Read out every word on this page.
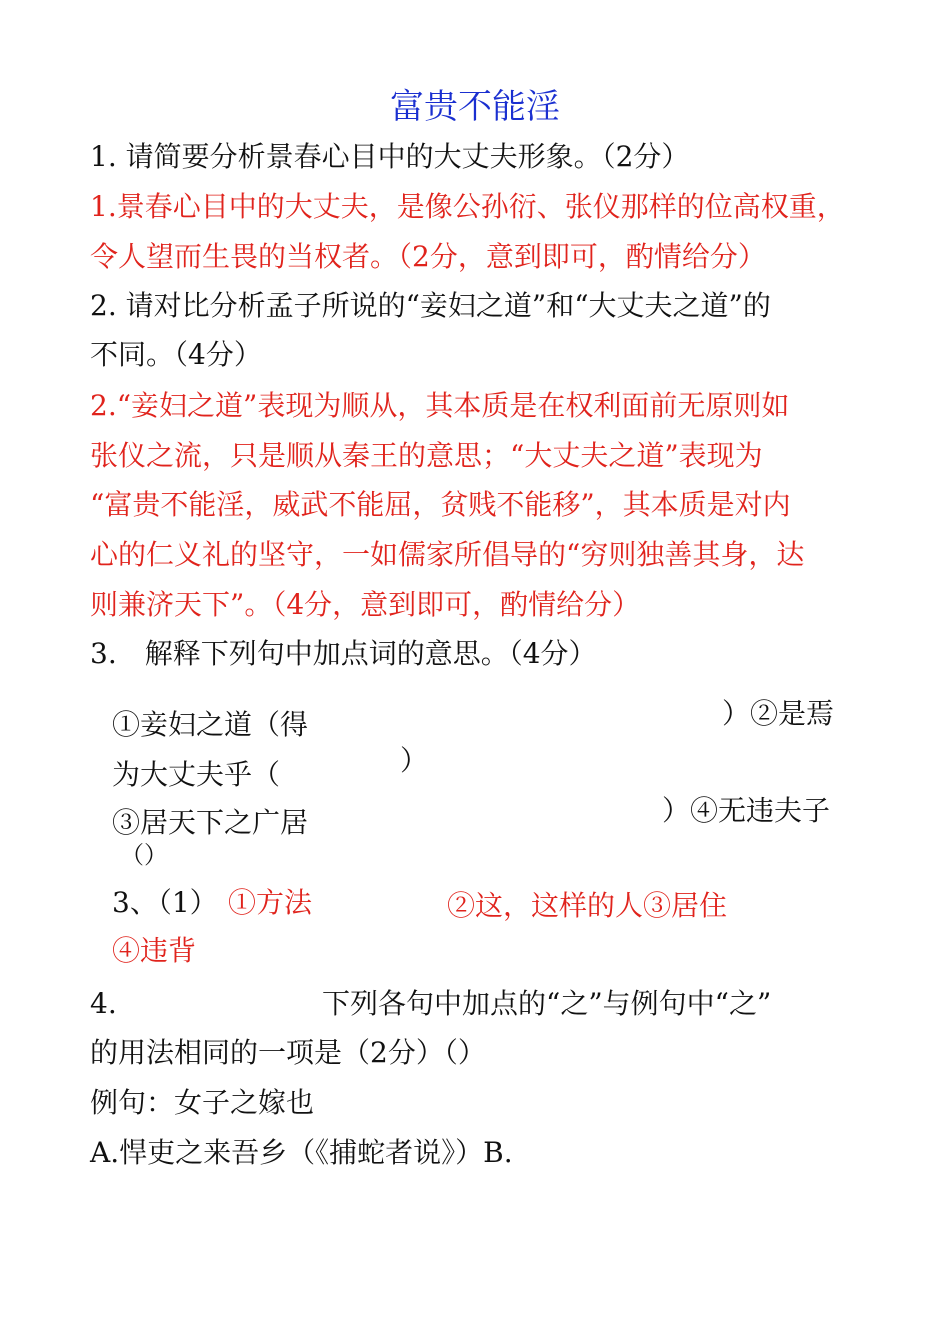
富贵不能淫
1. 请简要分析景春心目中的大丈夫形象。（2分）
1.景春心目中的大丈夫，是像公孙衍、张仪那样的位高权重，
令人望而生畏的当权者。（2分，意到即可，酌情给分）
2. 请对比分析孟子所说的“妾妇之道”和“大丈夫之道”的
不同。（4分）
2.“妾妇之道”表现为顺从，其本质是在权利面前无原则如
张仪之流，只是顺从秦王的意思；“大丈夫之道”表现为
“富贵不能淫，威武不能屈，贫贱不能移”，其本质是对内
心的仁义礼的坚守，一如儒家所倡导的“穷则独善其身，达
则兼济天下”。（4分，意到即可，酌情给分）
3.　解释下列句中加点词的意思。（4分）
①妾妇之道（得	）②是焉
为大丈夫乎（	）
③居天下之广居	）④无违夫子
（）
3、（1） ①方法	②这，这样的人③居住
④违背
4.	下列各句中加点的“之”与例句中“之”
的用法相同的一项是（2分）（）
例句：女子之嫁也
A.悍吏之来吾乡（《捕蛇者说》）B.
